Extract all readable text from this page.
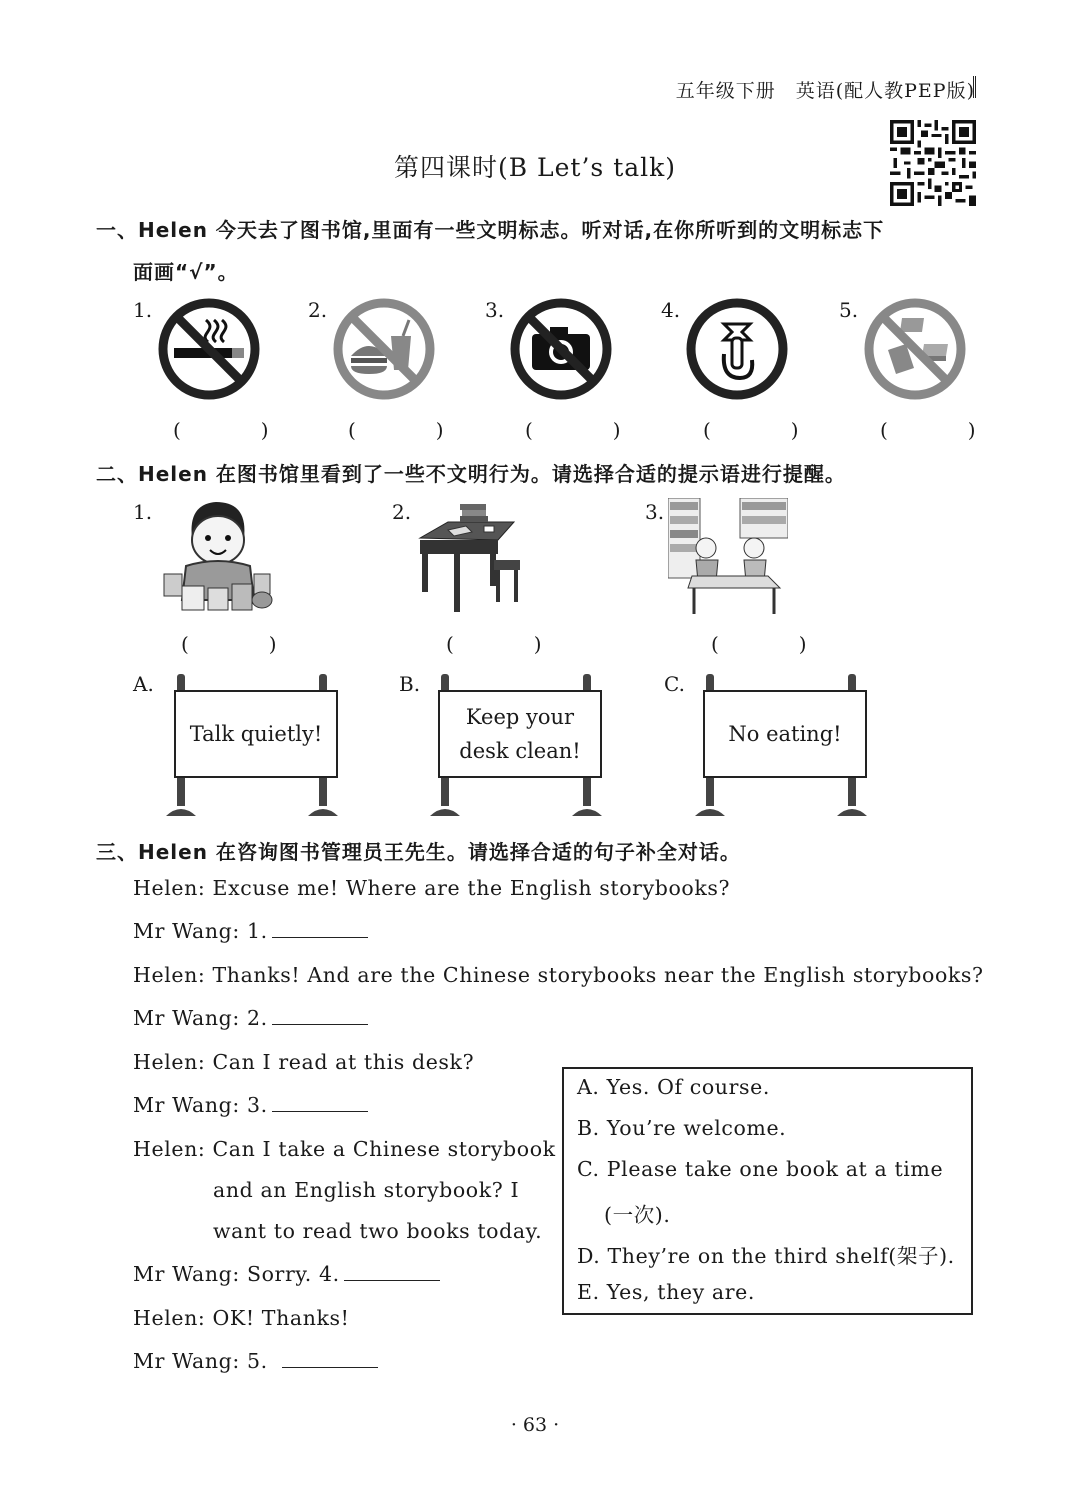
五年级下册　英语(配人教PEP版)
第四课时(B Let’s talk)
一、Helen 今天去了图书馆,里面有一些文明标志。听对话,在你所听到的文明标志下
面画“√”。
1.
(　)
2.
(　)
3.
(　)
4.
(　)
5.
(　)
二、Helen 在图书馆里看到了一些不文明行为。请选择合适的提示语进行提醒。
1.
(　)
2.
(　)
3.
(　)
A.
Talk quietly!
B.
Keep your
desk clean!
C.
No eating!
三、Helen 在咨询图书管理员王先生。请选择合适的句子补全对话。
Helen: Excuse me! Where are the English storybooks?
Mr Wang: 1.
Helen: Thanks! And are the Chinese storybooks near the English storybooks?
Mr Wang: 2.
Helen: Can I read at this desk?
Mr Wang: 3.
Helen: Can I take a Chinese storybook
and an English storybook? I
want to read two books today.
Mr Wang: Sorry. 4.
Helen: OK! Thanks!
Mr Wang: 5.
A. Yes. Of course.
B. You’re welcome.
C. Please take one book at a time
(一次).
D. They’re on the third shelf(架子).
E. Yes, they are.
· 63 ·
